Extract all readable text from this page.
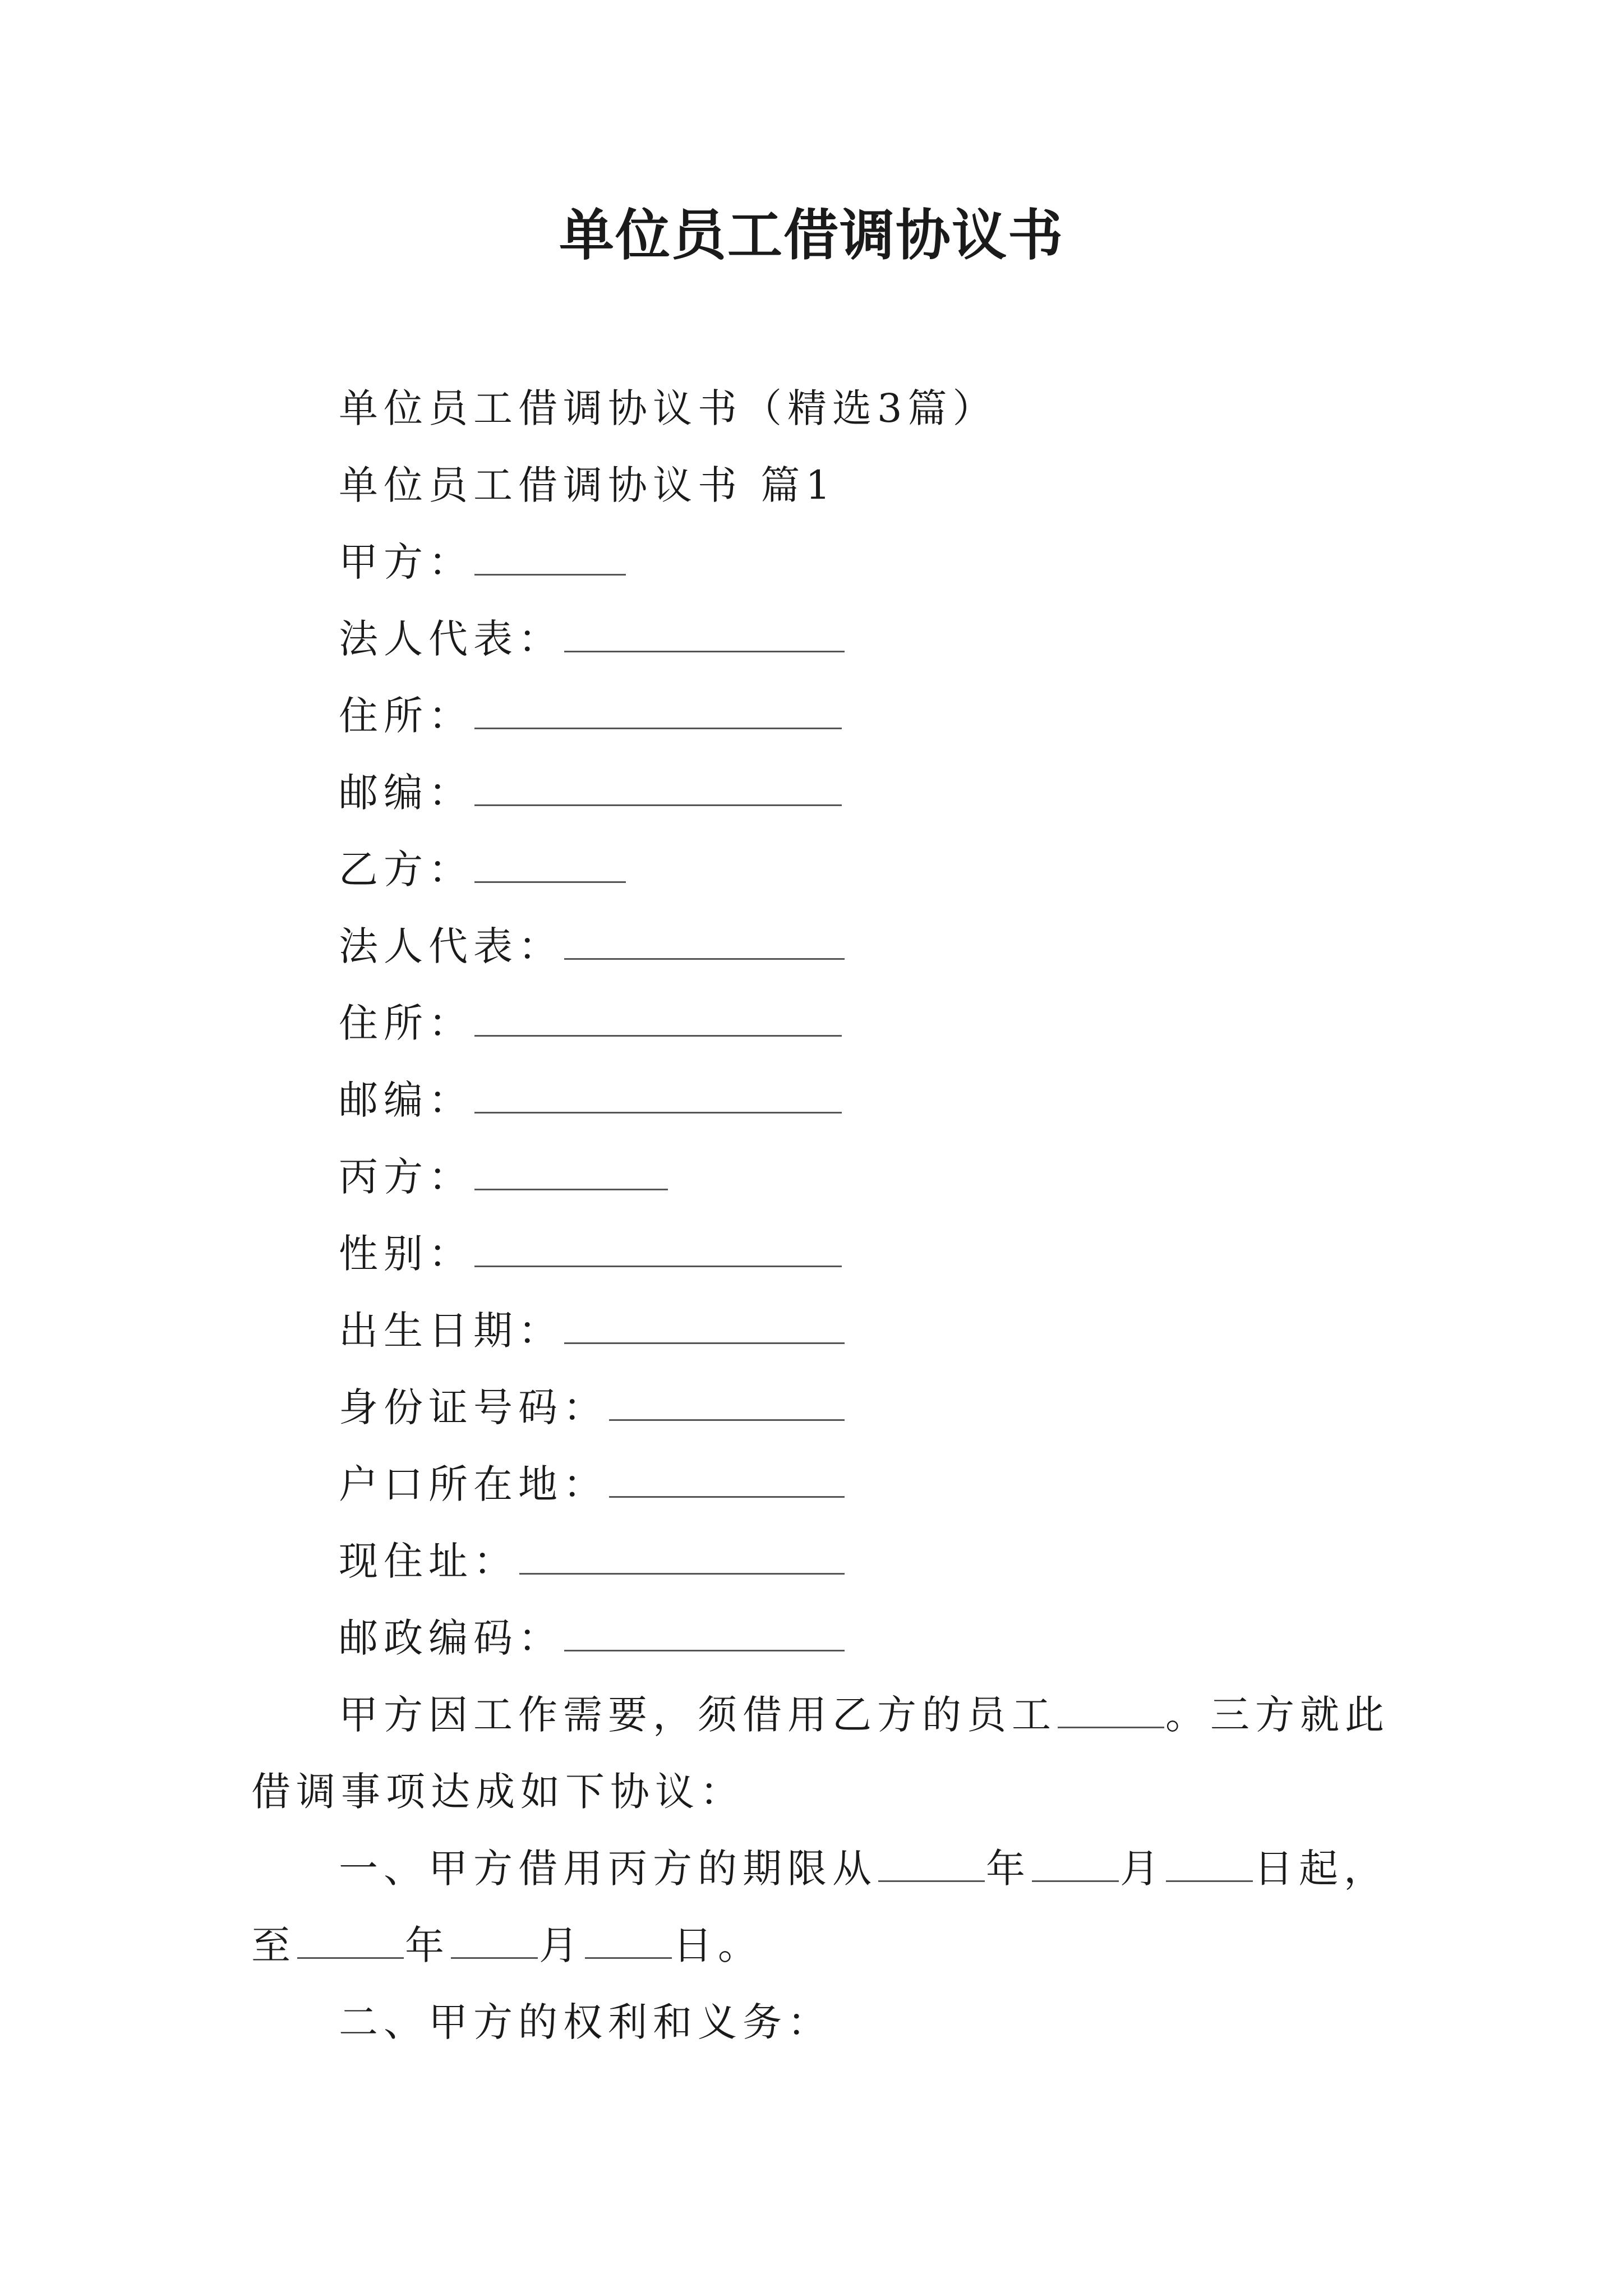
单位员工借调协议书
单位员工借调协议书（精选3篇）
单位员工借调协议书 篇1
甲方：
法人代表：
住所：
邮编：
乙方：
法人代表：
住所：
邮编：
丙方：
性别：
出生日期：
身份证号码：
户口所在地：
现住址：
邮政编码：
甲方因工作需要，须借用乙方的员工	。三方就此借调事项达成如下协议：
一、甲方借用丙方的期限从	年 月 日起，至	年 月 日。
二、甲方的权利和义务：
